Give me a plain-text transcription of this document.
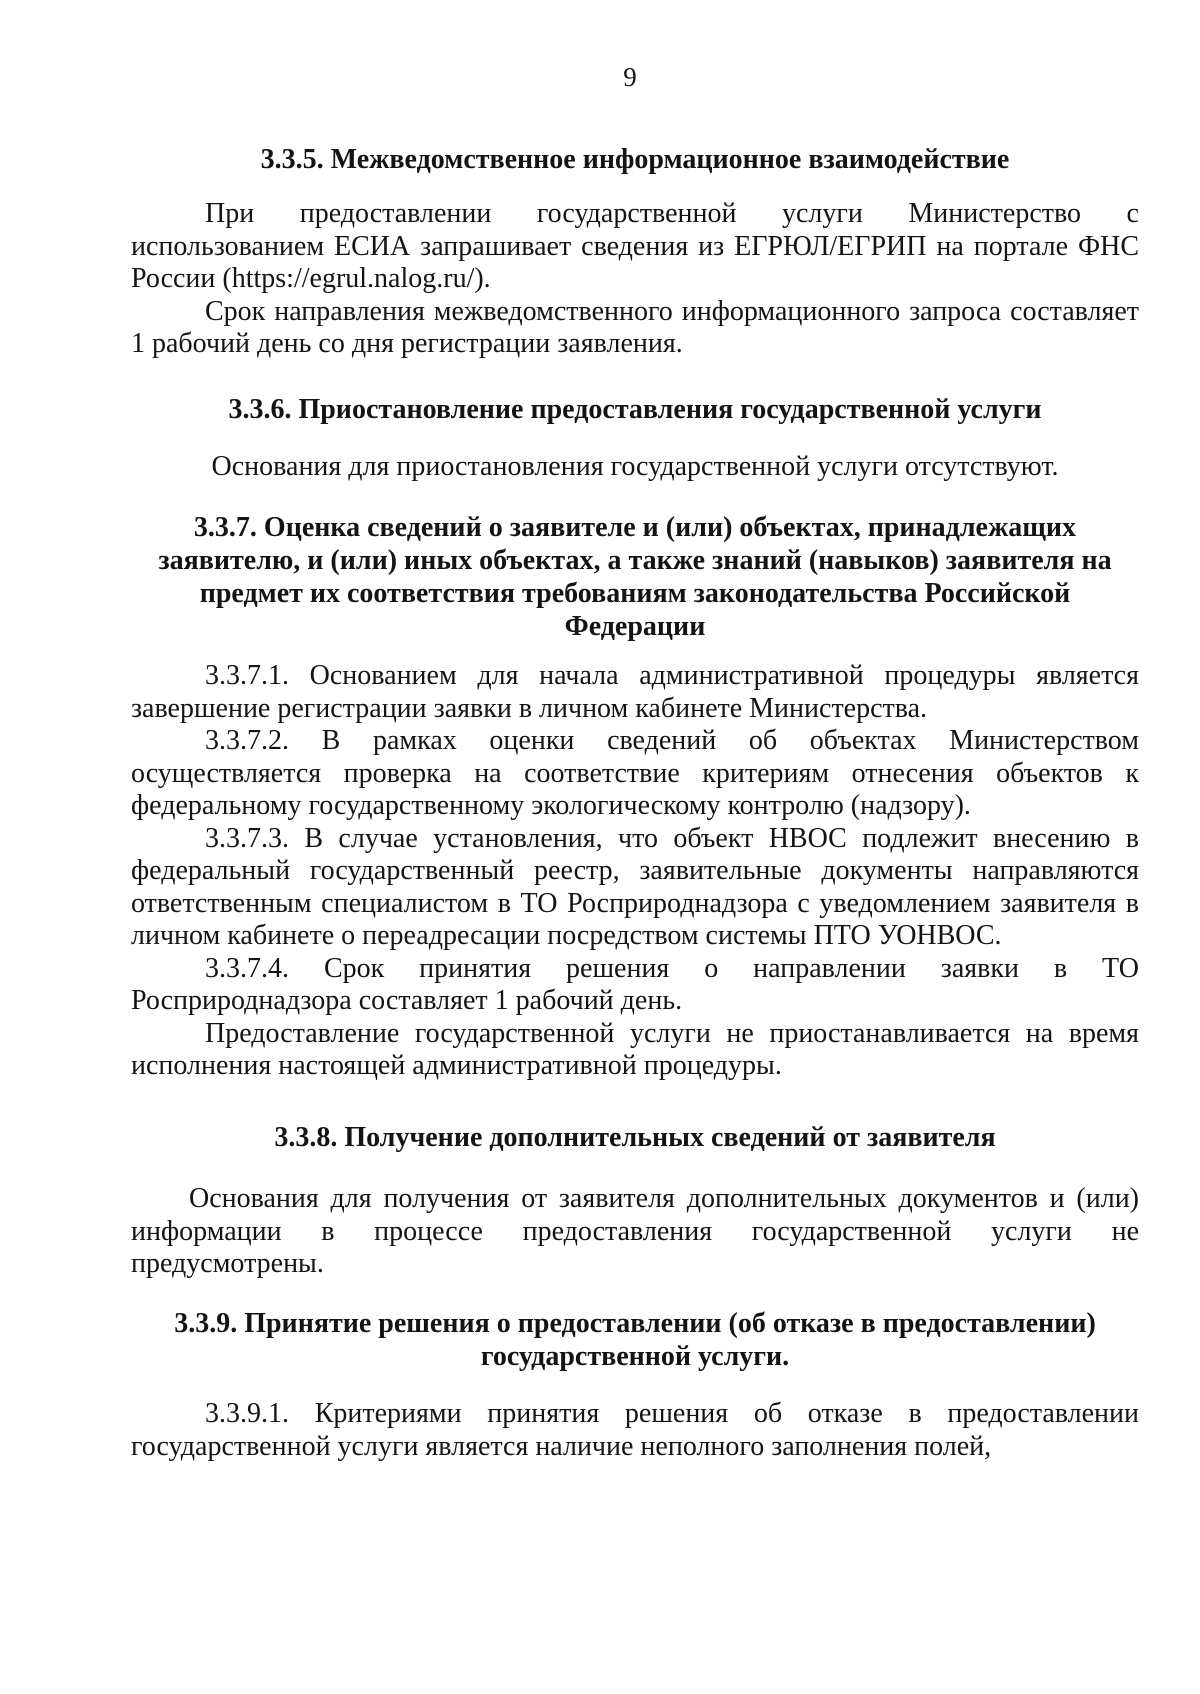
9

3.3.5. Межведомственное информационное взаимодействие

При предоставлении государственной услуги Министерство с использованием ЕСИА запрашивает сведения из ЕГРЮЛ/ЕГРИП на портале ФНС России (https://egrul.nalog.ru/).

Срок направления межведомственного информационного запроса составляет 1 рабочий день со дня регистрации заявления.

3.3.6. Приостановление предоставления государственной услуги

Основания для приостановления государственной услуги отсутствуют.

3.3.7. Оценка сведений о заявителе и (или) объектах, принадлежащих заявителю, и (или) иных объектах, а также знаний (навыков) заявителя на предмет их соответствия требованиям законодательства Российской Федерации

3.3.7.1. Основанием для начала административной процедуры является завершение регистрации заявки в личном кабинете Министерства.

3.3.7.2. В рамках оценки сведений об объектах Министерством осуществляется проверка на соответствие критериям отнесения объектов к федеральному государственному экологическому контролю (надзору).

3.3.7.3. В случае установления, что объект НВОС подлежит внесению в федеральный государственный реестр, заявительные документы направляются ответственным специалистом в ТО Росприроднадзора с уведомлением заявителя в личном кабинете о переадресации посредством системы ПТО УОНВОС.

3.3.7.4. Срок принятия решения о направлении заявки в ТО Росприроднадзора составляет 1 рабочий день.

Предоставление государственной услуги не приостанавливается на время исполнения настоящей административной процедуры.

3.3.8. Получение дополнительных сведений от заявителя

Основания для получения от заявителя дополнительных документов и (или) информации в процессе предоставления государственной услуги не предусмотрены.

3.3.9. Принятие решения о предоставлении (об отказе в предоставлении) государственной услуги.

3.3.9.1. Критериями принятия решения об отказе в предоставлении государственной услуги является наличие неполного заполнения полей,
